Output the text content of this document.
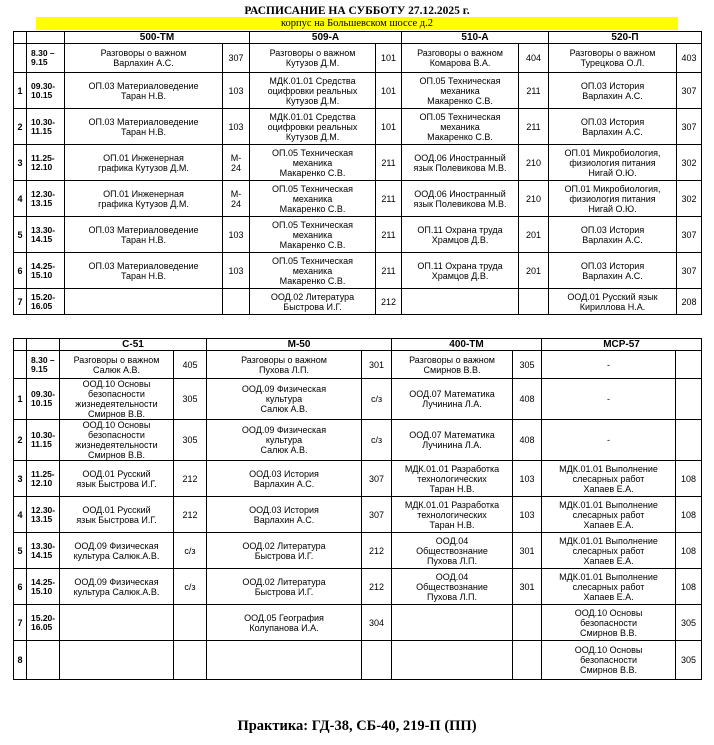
РАСПИСАНИЕ НА СУББОТУ 27.12.2025 г.
корпус на Большевском шоссе д.2
		500-ТМ		509-А		510-А		520-П	
	8.30 –
9.15	Разговоры о важном
Варлахин А.С.	307	Разговоры о важном
Кутузов Д.М.	101	Разговоры о важном
Комарова В.А.	404	Разговоры о важном
Турецкова О.Л.	403
1	09.30-
10.15	ОП.03 Материаловедение
Таран Н.В.	103	МДК.01.01 Средства
оцифровки реальных
Кутузов Д.М.	101	ОП.05 Техническая
механика
Макаренко С.В.	211	ОП.03 История
Варлахин А.С.	307
2	10.30-
11.15	ОП.03 Материаловедение
Таран Н.В.	103	МДК.01.01 Средства
оцифровки реальных
Кутузов Д.М.	101	ОП.05 Техническая
механика
Макаренко С.В.	211	ОП.03 История
Варлахин А.С.	307
3	11.25-
12.10	ОП.01 Инженерная
графика Кутузов Д.М.	М-
24	ОП.05 Техническая
механика
Макаренко С.В.	211	ООД.06 Иностранный
язык Полевикова М.В.	210	ОП.01 Микробиология,
физиология питания
Нигай О.Ю.	302
4	12.30-
13.15	ОП.01 Инженерная
графика Кутузов Д.М.	М-
24	ОП.05 Техническая
механика
Макаренко С.В.	211	ООД.06 Иностранный
язык Полевикова М.В.	210	ОП.01 Микробиология,
физиология питания
Нигай О.Ю.	302
5	13.30-
14.15	ОП.03 Материаловедение
Таран Н.В.	103	ОП.05 Техническая
механика
Макаренко С.В.	211	ОП.11 Охрана труда
Храмцов Д.В.	201	ОП.03 История
Варлахин А.С.	307
6	14.25-
15.10	ОП.03 Материаловедение
Таран Н.В.	103	ОП.05 Техническая
механика
Макаренко С.В.	211	ОП.11 Охрана труда
Храмцов Д.В.	201	ОП.03 История
Варлахин А.С.	307
7	15.20-
16.05			ООД.02 Литература
Быстрова И.Г.	212			ООД.01 Русский язык
Кириллова Н.А.	208
		С-51		М-50		400-ТМ		МСР-57	
	8.30 –
9.15	Разговоры о важном
Салюк А.В.	405	Разговоры о важном
Пухова Л.П.	301	Разговоры о важном
Смирнов В.В.	305	-	
1	09.30-
10.15	ООД.10 Основы
безопасности
жизнедеятельности
Смирнов В.В.	305	ООД.09 Физическая
культура
Салюк А.В.	с/з	ООД.07 Математика
Лучинина Л.А.	408	-	
2	10.30-
11.15	ООД.10 Основы
безопасности
жизнедеятельности
Смирнов В.В.	305	ООД.09 Физическая
культура
Салюк А.В.	с/з	ООД.07 Математика
Лучинина Л.А.	408	-	
3	11.25-
12.10	ООД.01 Русский
язык Быстрова И.Г.	212	ООД.03 История
Варлахин А.С.	307	МДК.01.01 Разработка
технологических
Таран Н.В.	103	МДК.01.01 Выполнение
слесарных работ
Хапаев Е.А.	108
4	12.30-
13.15	ООД.01 Русский
язык Быстрова И.Г.	212	ООД.03 История
Варлахин А.С.	307	МДК.01.01 Разработка
технологических
Таран Н.В.	103	МДК.01.01 Выполнение
слесарных работ
Хапаев Е.А.	108
5	13.30-
14.15	ООД.09 Физическая
культура Салюк.А.В.	с/з	ООД.02 Литература
Быстрова И.Г.	212	ООД.04
Обществознание
Пухова Л.П.	301	МДК.01.01 Выполнение
слесарных работ
Хапаев Е.А.	108
6	14.25-
15.10	ООД.09 Физическая
культура Салюк.А.В.	с/з	ООД.02 Литература
Быстрова И.Г.	212	ООД.04
Обществознание
Пухова Л.П.	301	МДК.01.01 Выполнение
слесарных работ
Хапаев Е.А.	108
7	15.20-
16.05			ООД.05 География
Колупанова И.А.	304			ООД.10 Основы
безопасности
Смирнов В.В.	305
8								ООД.10 Основы
безопасности
Смирнов В.В.	305
Практика: ГД-38, СБ-40, 219-П (ПП)
